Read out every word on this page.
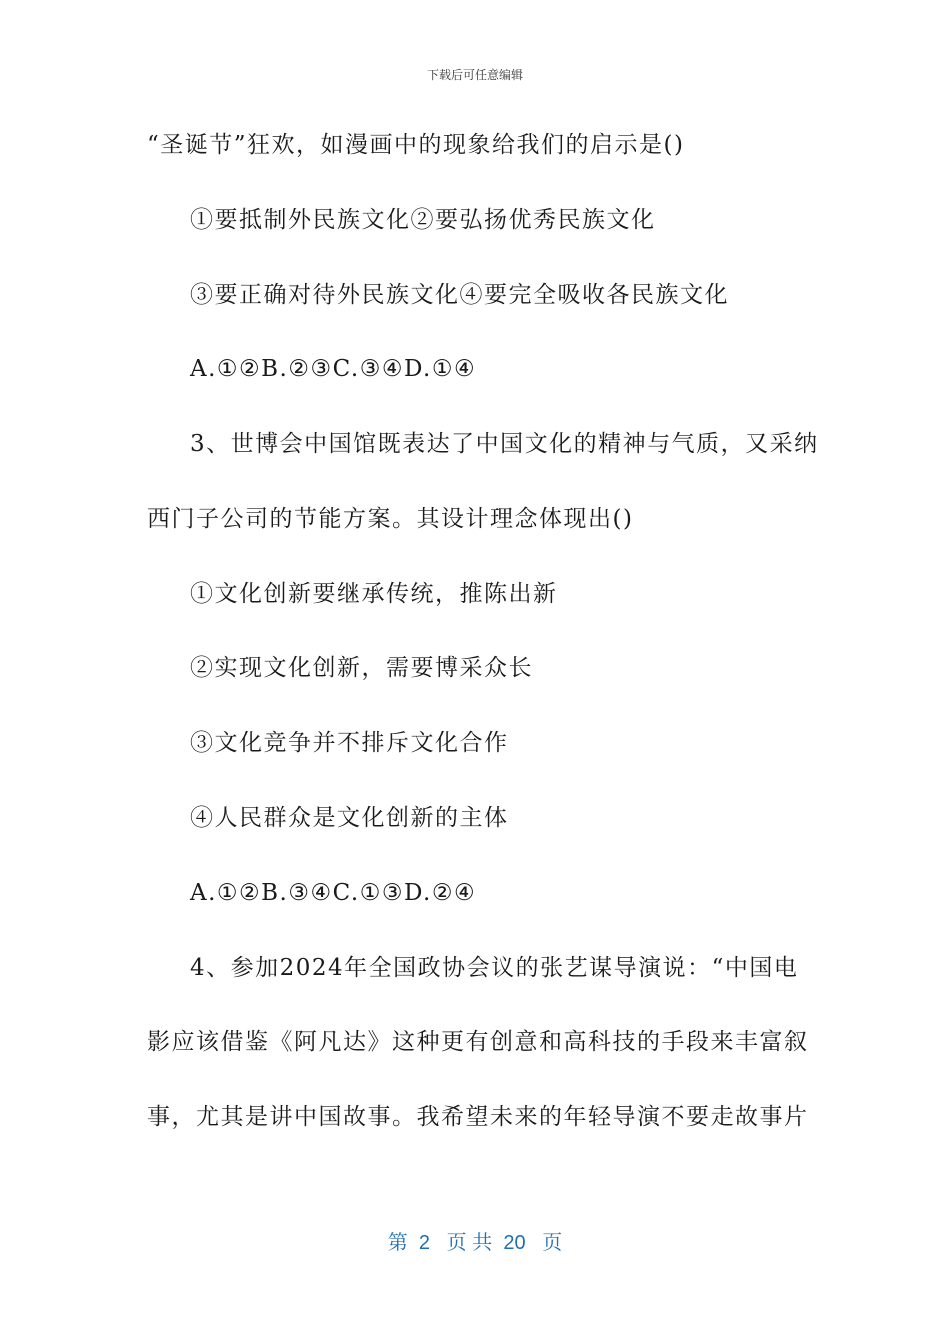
下载后可任意编辑
“圣诞节”狂欢，如漫画中的现象给我们的启示是()
①要抵制外民族文化②要弘扬优秀民族文化
③要正确对待外民族文化④要完全吸收各民族文化
A.①②B.②③C.③④D.①④
3、世博会中国馆既表达了中国文化的精神与气质，又采纳
西门子公司的节能方案。其设计理念体现出()
①文化创新要继承传统，推陈出新
②实现文化创新，需要博采众长
③文化竞争并不排斥文化合作
④人民群众是文化创新的主体
A.①②B.③④C.①③D.②④
4、参加2024年全国政协会议的张艺谋导演说：“中国电
影应该借鉴《阿凡达》这种更有创意和高科技的手段来丰富叙
事，尤其是讲中国故事。我希望未来的年轻导演不要走故事片
第  2   页 共  20   页
